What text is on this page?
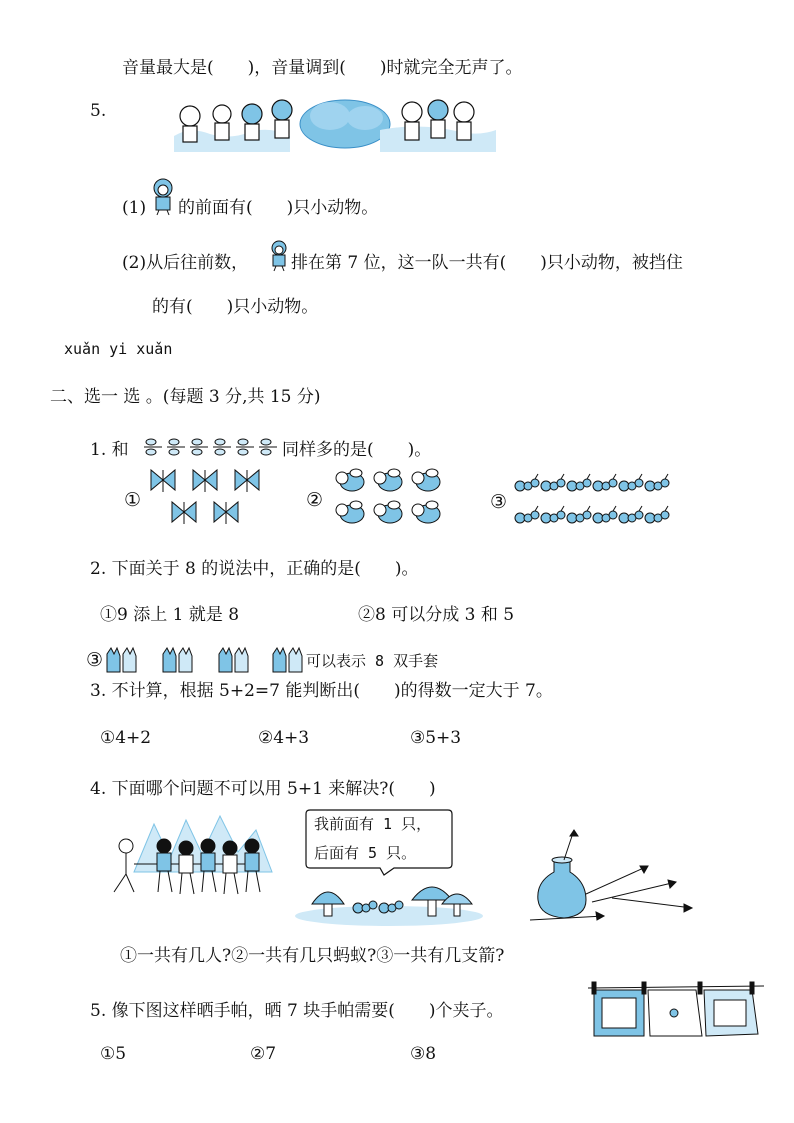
音量最大是(　　)，音量调到(　　)时就完全无声了。
5.
(1) 的前面有(　　)只小动物。
(2)从后往前数，	排在第 7 位，这一队一共有(　　)只小动物，被挡住
的有(　　)只小动物。
xuǎn yi xuǎn
二、选一 选 。(每题 3 分,共 15 分)
1. 和	同样多的是(　　)。
①	②	③
2. 下面关于 8 的说法中，正确的是(　　)。
①9 添上 1 就是 8	②8 可以分成 3 和 5
③	可以表示 8 双手套
3. 不计算，根据 5+2=7 能判断出(　　)的得数一定大于 7。
①4+2	②4+3	③5+3
4. 下面哪个问题不可以用 5+1 来解决?(　　)
我前面有 1 只，
后面有 5 只。
①一共有几人?②一共有几只蚂蚁?③一共有几支箭?
5. 像下图这样晒手帕，晒 7 块手帕需要(　　)个夹子。
①5	②7	③8
